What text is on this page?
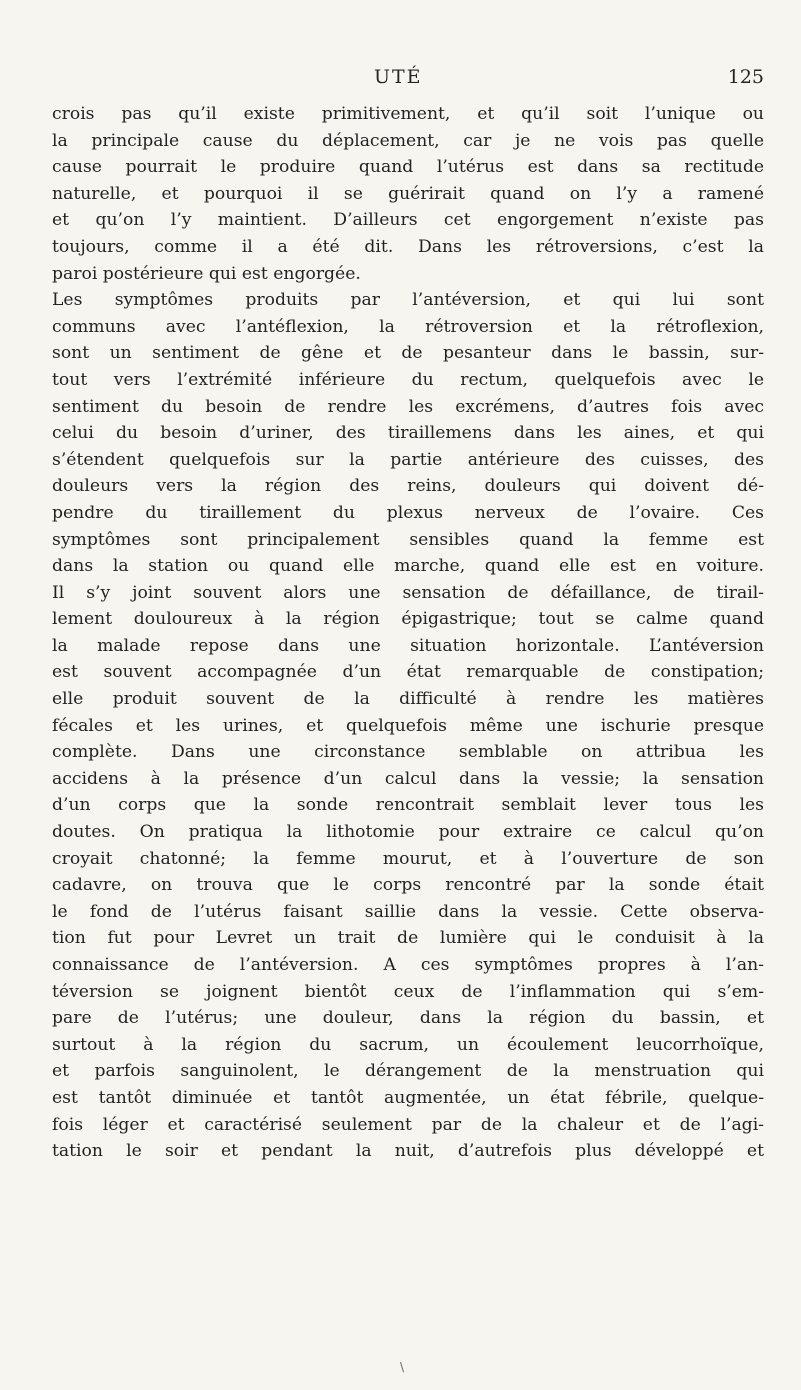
UTÉ	125
crois pas qu’il existe primitivement, et qu’il soit l’unique ou
la principale cause du déplacement, car je ne vois pas quelle
cause pourrait le produire quand l’utérus est dans sa rectitude
naturelle, et pourquoi il se guérirait quand on l’y a ramené
et qu’on l’y maintient. D’ailleurs cet engorgement n’existe pas
toujours, comme il a été dit. Dans les rétroversions, c’est la
paroi postérieure qui est engorgée.
Les symptômes produits par l’antéversion, et qui lui sont
communs avec l’antéflexion, la rétroversion et la rétroflexion,
sont un sentiment de gêne et de pesanteur dans le bassin, sur-
tout vers l’extrémité inférieure du rectum, quelquefois avec le
sentiment du besoin de rendre les excrémens, d’autres fois avec
celui du besoin d’uriner, des tiraillemens dans les aines, et qui
s’étendent quelquefois sur la partie antérieure des cuisses, des
douleurs vers la région des reins, douleurs qui doivent dé-
pendre du tiraillement du plexus nerveux de l’ovaire. Ces
symptômes sont principalement sensibles quand la femme est
dans la station ou quand elle marche, quand elle est en voiture.
Il s’y joint souvent alors une sensation de défaillance, de tirail-
lement douloureux à la région épigastrique; tout se calme quand
la malade repose dans une situation horizontale. L’antéversion
est souvent accompagnée d’un état remarquable de constipation;
elle produit souvent de la difficulté à rendre les matières
fécales et les urines, et quelquefois même une ischurie presque
complète. Dans une circonstance semblable on attribua les
accidens à la présence d’un calcul dans la vessie; la sensation
d’un corps que la sonde rencontrait semblait lever tous les
doutes. On pratiqua la lithotomie pour extraire ce calcul qu’on
croyait chatonné; la femme mourut, et à l’ouverture de son
cadavre, on trouva que le corps rencontré par la sonde était
le fond de l’utérus faisant saillie dans la vessie. Cette observa-
tion fut pour Levret un trait de lumière qui le conduisit à la
connaissance de l’antéversion. A ces symptômes propres à l’an-
téversion se joignent bientôt ceux de l’inflammation qui s’em-
pare de l’utérus; une douleur, dans la région du bassin, et
surtout à la région du sacrum, un écoulement leucorrhoïque,
et parfois sanguinolent, le dérangement de la menstruation qui
est tantôt diminuée et tantôt augmentée, un état fébrile, quelque-
fois léger et caractérisé seulement par de la chaleur et de l’agi-
tation le soir et pendant la nuit, d’autrefois plus développé et
\
